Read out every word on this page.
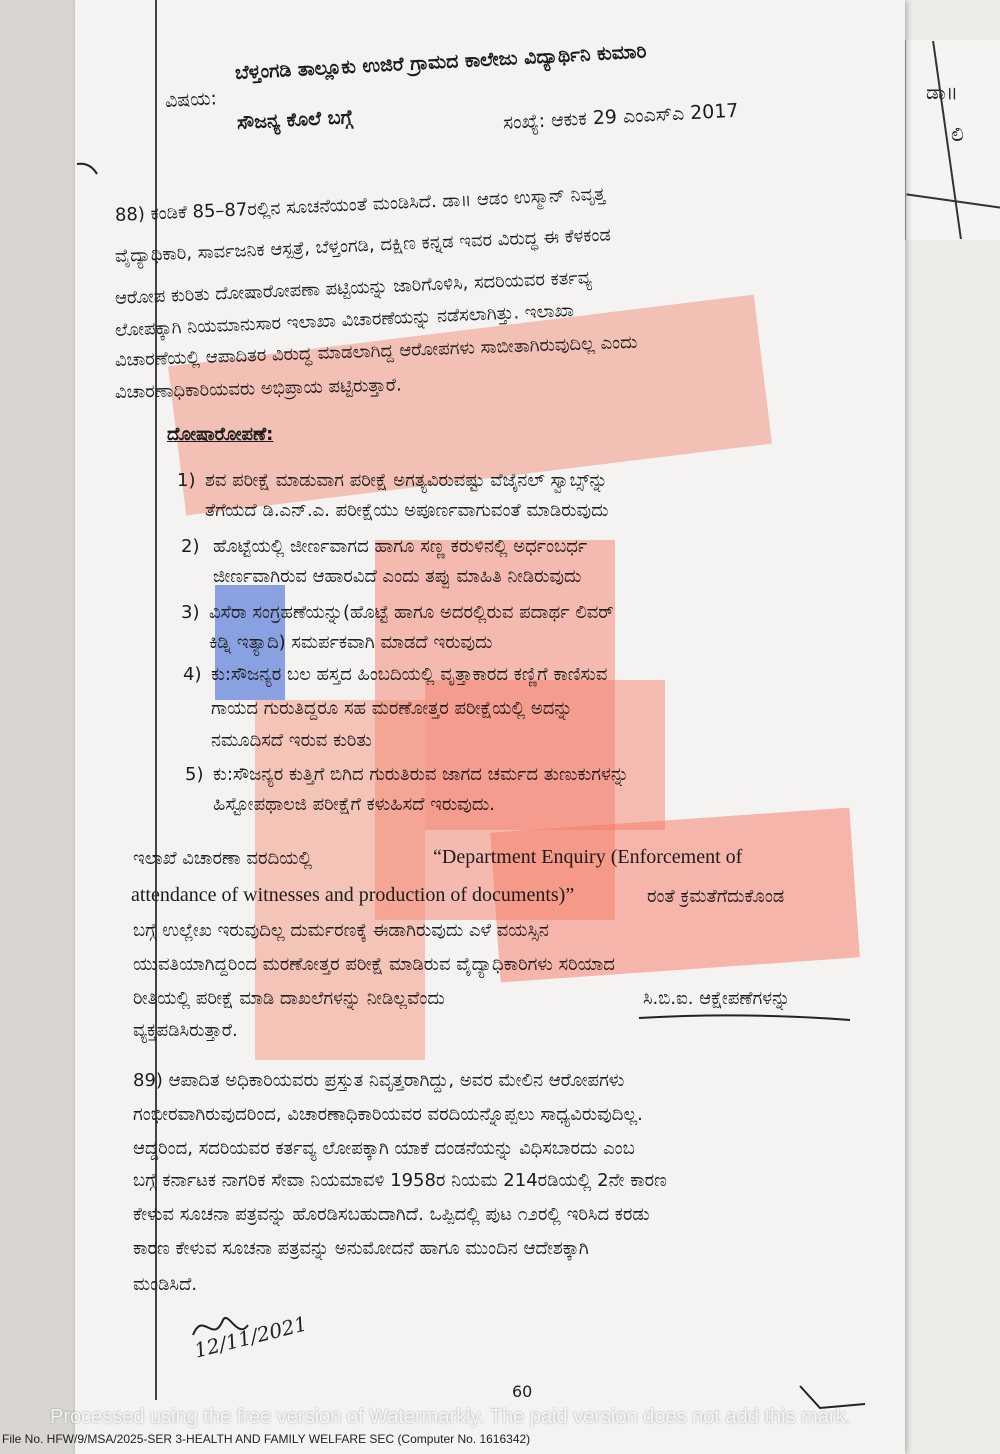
ಡಾ॥
ಲಿ
ವಿಷಯ:
ಬೆಳ್ತಂಗಡಿ ತಾಲ್ಲೂಕು ಉಜಿರೆ ಗ್ರಾಮದ ಕಾಲೇಜು ವಿದ್ಯಾರ್ಥಿನಿ ಕುಮಾರಿ
ಸೌಜನ್ಯ ಕೊಲೆ ಬಗ್ಗೆ	ಸಂಖ್ಯೆ: ಆಕುಕ 29 ಎಂಎಸ್ಎ 2017
88) ಕಂಡಿಕೆ 85–87ರಲ್ಲಿನ ಸೂಚನೆಯಂತೆ ಮಂಡಿಸಿದೆ. ಡಾ॥ ಆಡಂ ಉಸ್ಮಾನ್ ನಿವೃತ್ತ
ವೈದ್ಯಾಧಿಕಾರಿ, ಸಾರ್ವಜನಿಕ ಆಸ್ಪತ್ರೆ, ಬೆಳ್ತಂಗಡಿ, ದಕ್ಷಿಣ ಕನ್ನಡ ಇವರ ವಿರುದ್ಧ ಈ ಕೆಳಕಂಡ
ಆರೋಪ ಕುರಿತು ದೋಷಾರೋಪಣಾ ಪಟ್ಟಿಯನ್ನು ಜಾರಿಗೊಳಿಸಿ, ಸದರಿಯವರ ಕರ್ತವ್ಯ
ಲೋಪಕ್ಕಾಗಿ ನಿಯಮಾನುಸಾರ ಇಲಾಖಾ ವಿಚಾರಣೆಯನ್ನು ನಡೆಸಲಾಗಿತ್ತು. ಇಲಾಖಾ
ವಿಚಾರಣೆಯಲ್ಲಿ ಆಪಾದಿತರ ವಿರುದ್ಧ ಮಾಡಲಾಗಿದ್ದ ಆರೋಪಗಳು ಸಾಬೀತಾಗಿರುವುದಿಲ್ಲ ಎಂದು
ವಿಚಾರಣಾಧಿಕಾರಿಯವರು ಅಭಿಪ್ರಾಯ ಪಟ್ಟಿರುತ್ತಾರೆ.
ದೋಷಾರೋಪಣೆ:
1) ಶವ ಪರೀಕ್ಷೆ ಮಾಡುವಾಗ ಪರೀಕ್ಷೆ ಅಗತ್ಯವಿರುವಷ್ಟು ವೆಜೈನಲ್ ಸ್ವಾಬ್ಸ್‌ನ್ನು
ತೆಗೆಯದೆ ಡಿ.ಎನ್.ಎ. ಪರೀಕ್ಷೆಯು ಅಪೂರ್ಣವಾಗುವಂತೆ ಮಾಡಿರುವುದು
2) ಹೊಟ್ಟೆಯಲ್ಲಿ ಜೀರ್ಣವಾಗದ ಹಾಗೂ ಸಣ್ಣ ಕರುಳಿನಲ್ಲಿ ಅರ್ಧಂಬರ್ಧ
ಜೀರ್ಣವಾಗಿರುವ ಆಹಾರವಿದೆ ಎಂದು ತಪ್ಪು ಮಾಹಿತಿ ನೀಡಿರುವುದು
3) ವಿಸೆರಾ ಸಂಗ್ರಹಣೆಯನ್ನು(ಹೊಟ್ಟೆ ಹಾಗೂ ಅದರಲ್ಲಿರುವ ಪದಾರ್ಥ ಲಿವರ್
ಕಿಡ್ನಿ ಇತ್ಯಾದಿ) ಸಮರ್ಪಕವಾಗಿ ಮಾಡದೆ ಇರುವುದು
4) ಕು:ಸೌಜನ್ಯರ ಬಲ ಹಸ್ತದ ಹಿಂಬದಿಯಲ್ಲಿ ವೃತ್ತಾಕಾರದ ಕಣ್ಣಿಗೆ ಕಾಣಿಸುವ
ಗಾಯದ ಗುರುತಿದ್ದರೂ ಸಹ ಮರಣೋತ್ತರ ಪರೀಕ್ಷೆಯಲ್ಲಿ ಅದನ್ನು
ನಮೂದಿಸದೆ ಇರುವ ಕುರಿತು
5) ಕು:ಸೌಜನ್ಯರ ಕುತ್ತಿಗೆ ಬಿಗಿದ ಗುರುತಿರುವ ಜಾಗದ ಚರ್ಮದ ತುಣುಕುಗಳನ್ನು
ಹಿಸ್ಟೋಪಥಾಲಜಿ ಪರೀಕ್ಷೆಗೆ ಕಳುಹಿಸದೆ ಇರುವುದು.
ಇಲಾಖೆ ವಿಚಾರಣಾ ವರದಿಯಲ್ಲಿ	“Department Enquiry (Enforcement of
attendance of witnesses and production of documents)”	ರಂತೆ ಕ್ರಮತೆಗೆದುಕೊಂಡ
ಬಗ್ಗೆ ಉಲ್ಲೇಖ ಇರುವುದಿಲ್ಲ ದುರ್ಮರಣಕ್ಕೆ ಈಡಾಗಿರುವುದು ಎಳೆ ವಯಸ್ಸಿನ
ಯುವತಿಯಾಗಿದ್ದರಿಂದ ಮರಣೋತ್ತರ ಪರೀಕ್ಷೆ ಮಾಡಿರುವ ವೈದ್ಯಾಧಿಕಾರಿಗಳು ಸರಿಯಾದ
ರೀತಿಯಲ್ಲಿ ಪರೀಕ್ಷೆ ಮಾಡಿ ದಾಖಲೆಗಳನ್ನು ನೀಡಿಲ್ಲವೆಂದು	ಸಿ.ಬಿ.ಐ. ಆಕ್ಷೇಪಣೆಗಳನ್ನು
ವ್ಯಕ್ತಪಡಿಸಿರುತ್ತಾರೆ.
89) ಆಪಾದಿತ ಅಧಿಕಾರಿಯವರು ಪ್ರಸ್ತುತ ನಿವೃತ್ತರಾಗಿದ್ದು, ಅವರ ಮೇಲಿನ ಆರೋಪಗಳು
ಗಂಭೀರವಾಗಿರುವುದರಿಂದ, ವಿಚಾರಣಾಧಿಕಾರಿಯವರ ವರದಿಯನ್ನೊಪ್ಪಲು ಸಾಧ್ಯವಿರುವುದಿಲ್ಲ.
ಆದ್ದರಿಂದ, ಸದರಿಯವರ ಕರ್ತವ್ಯ ಲೋಪಕ್ಕಾಗಿ ಯಾಕೆ ದಂಡನೆಯನ್ನು ವಿಧಿಸಬಾರದು ಎಂಬ
ಬಗ್ಗೆ ಕರ್ನಾಟಕ ನಾಗರಿಕ ಸೇವಾ ನಿಯಮಾವಳಿ 1958ರ ನಿಯಮ 214ರಡಿಯಲ್ಲಿ 2ನೇ ಕಾರಣ
ಕೇಳುವ ಸೂಚನಾ ಪತ್ರವನ್ನು ಹೊರಡಿಸಬಹುದಾಗಿದೆ. ಒಪ್ಪಿದಲ್ಲಿ ಪುಟ ೧೨ರಲ್ಲಿ ಇರಿಸಿದ ಕರಡು
ಕಾರಣ ಕೇಳುವ ಸೂಚನಾ ಪತ್ರವನ್ನು ಅನುಮೋದನೆ ಹಾಗೂ ಮುಂದಿನ ಆದೇಶಕ್ಕಾಗಿ
ಮಂಡಿಸಿದೆ.
12/11/2021
60
Processed using the free version of Watermarkly. The paid version does not add this mark.
File No. HFW/9/MSA/2025-SER 3-HEALTH AND FAMILY WELFARE SEC (Computer No. 1616342)
